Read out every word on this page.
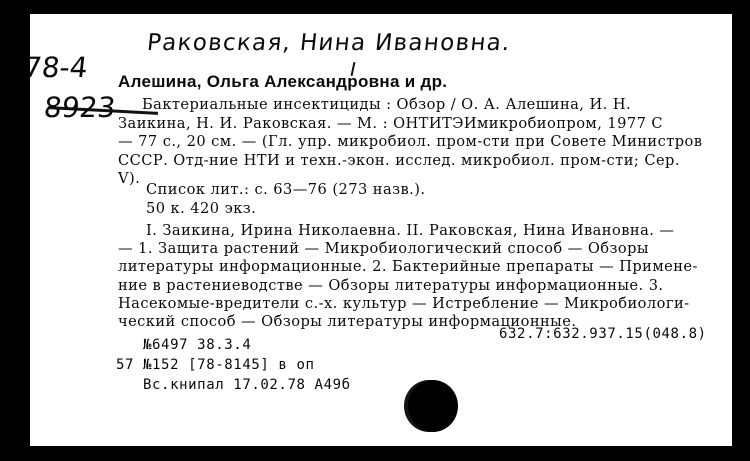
Раковская, Нина Ивановна.
78-4
8923
Алешина, Ольга Александровна и др.
Бактериальные инсектициды : Обзор / О. А. Алешина, И. Н.
Заикина, Н. И. Раковская. — М. : ОНТИТЭИмикробиопром, 1977 С
— 77 с., 20 см. — (Гл. упр. микробиол. пром-сти при Совете Министров
СССР. Отд-ние НТИ и техн.-экон. исслед. микробиол. пром-сти; Сер.
V).
Список лит.: с. 63—76 (273 назв.).
50 к. 420 экз.
I. Заикина, Ирина Николаевна. II. Раковская, Нина Ивановна. —
— 1. Защита растений — Микробиологический способ — Обзоры
литературы информационные. 2. Бактерийные препараты — Примене-
ние в растениеводстве — Обзоры литературы информационные. 3.
Насекомые-вредители с.-х. культур — Истребление — Микробиологи-
ческий способ — Обзоры литературы информационные.
632.7:632.937.15(048.8)
№6497 38.3.4
57 №152 [78-8145] в оп
Вс.книпал 17.02.78 А49б
